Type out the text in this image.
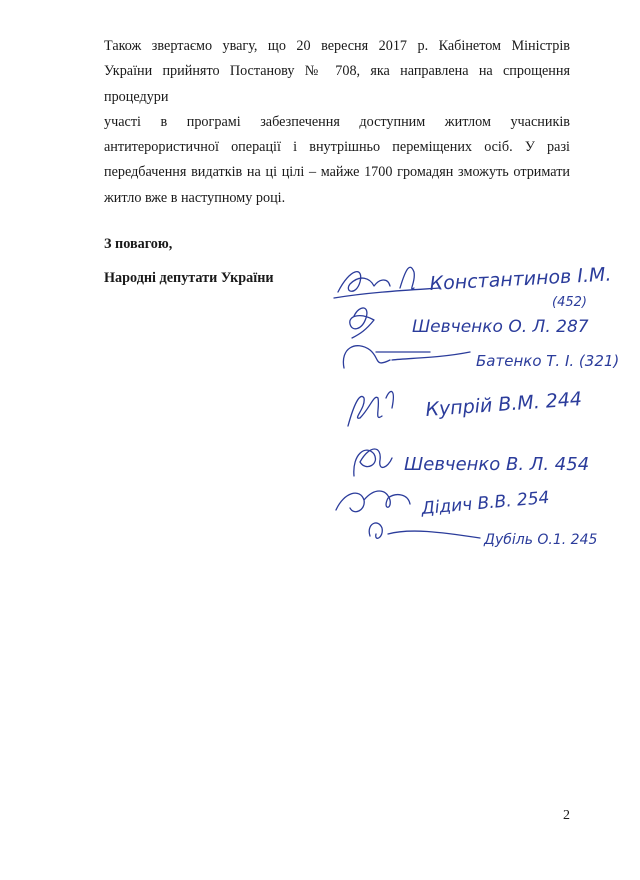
Також звертаємо увагу, що 20 вересня 2017 р. Кабінетом Міністрів
України прийнято Постанову № 708, яка направлена на спрощення процедури
участі в програмі забезпечення доступним житлом учасників
антитерористичної операції і внутрішньо переміщених осіб. У разі
передбачення видатків на ці цілі – майже 1700 громадян зможуть отримати
житло вже в наступному році.
З повагою,
Народні депутати України	Константинов І.М.
(452)
Шевченко О. Л. 287
Батенко Т. І. (321)
Купрій В.М. 244
Шевченко В. Л. 454
Дідич В.В. 254
Дубіль О.1. 245
2
